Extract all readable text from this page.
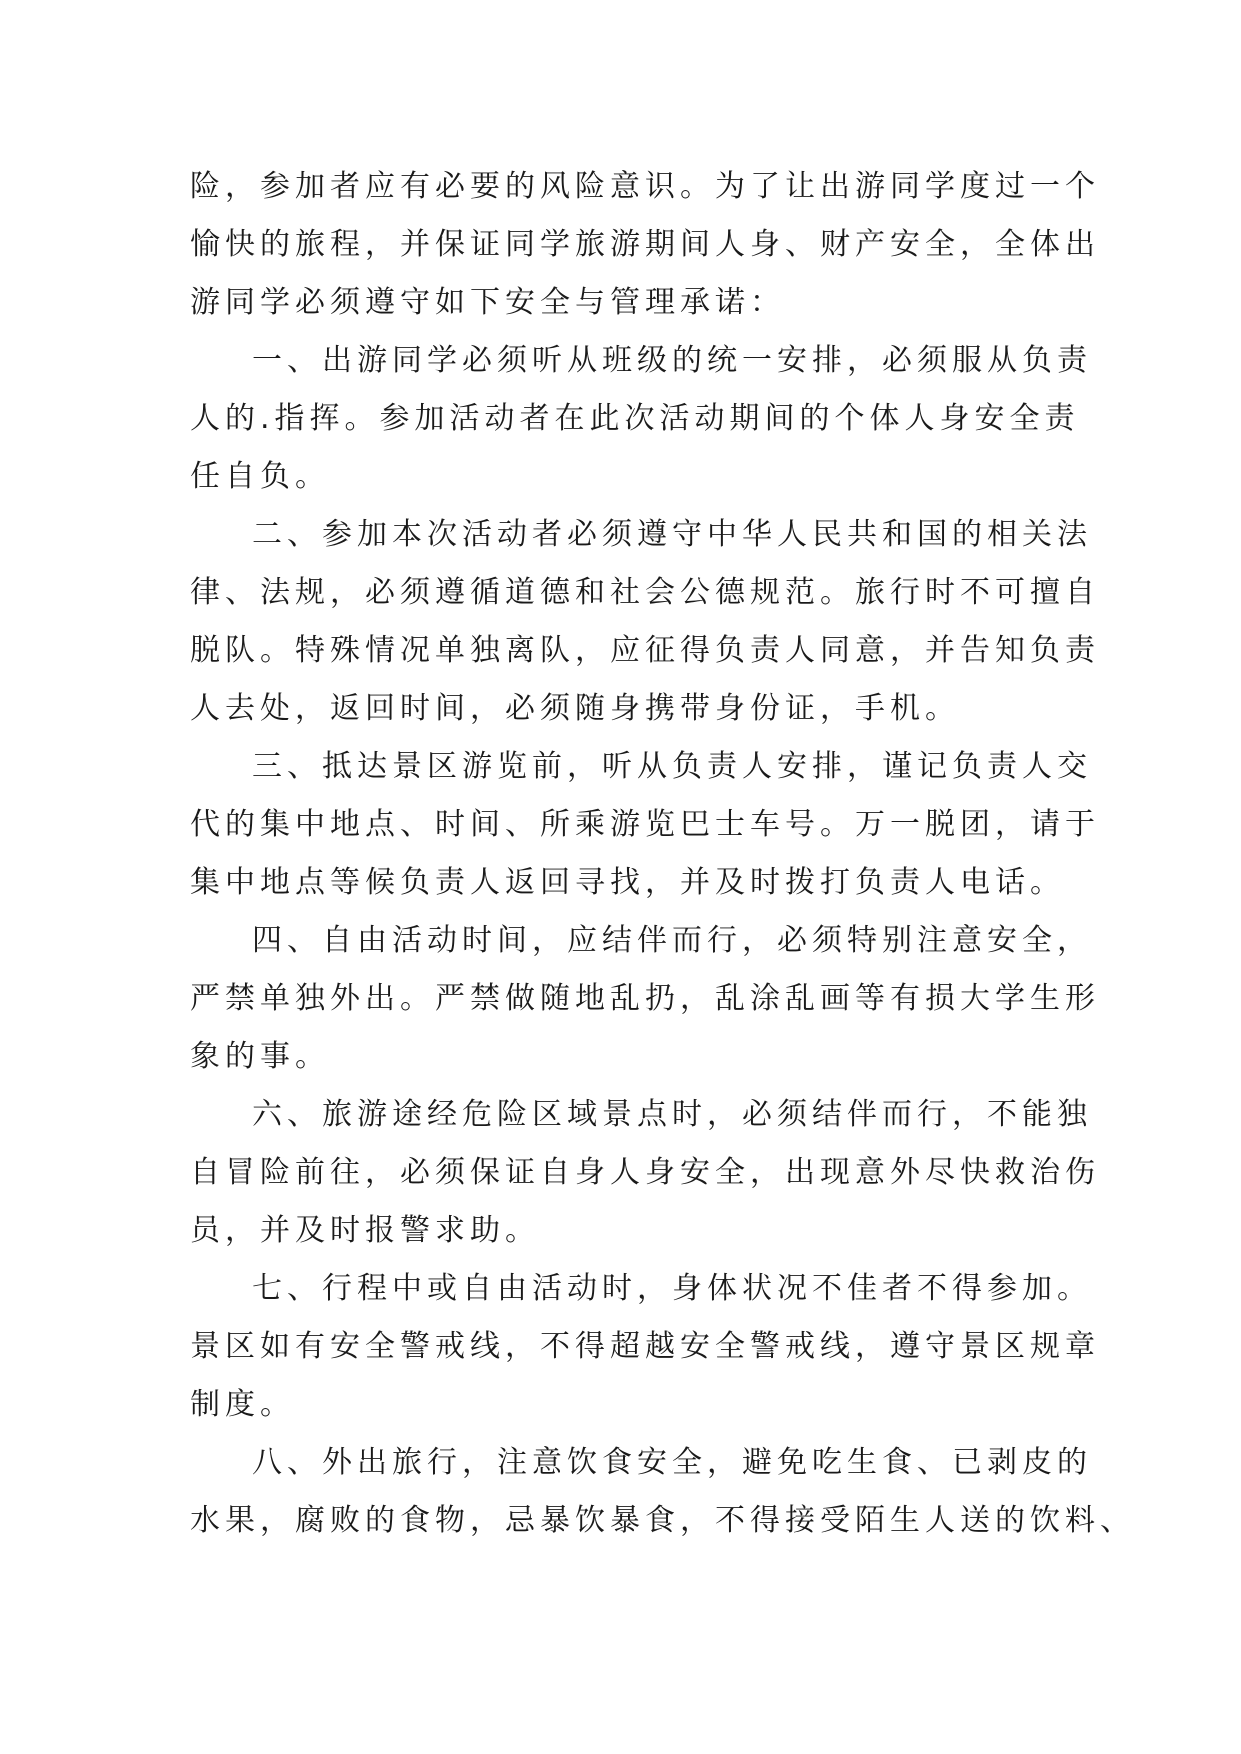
险，参加者应有必要的风险意识。为了让出游同学度过一个
愉快的旅程，并保证同学旅游期间人身、财产安全，全体出
游同学必须遵守如下安全与管理承诺：
一、出游同学必须听从班级的统一安排，必须服从负责
人的.指挥。参加活动者在此次活动期间的个体人身安全责
任自负。
二、参加本次活动者必须遵守中华人民共和国的相关法
律、法规，必须遵循道德和社会公德规范。旅行时不可擅自
脱队。特殊情况单独离队，应征得负责人同意，并告知负责
人去处，返回时间，必须随身携带身份证，手机。
三、抵达景区游览前，听从负责人安排，谨记负责人交
代的集中地点、时间、所乘游览巴士车号。万一脱团，请于
集中地点等候负责人返回寻找，并及时拨打负责人电话。
四、自由活动时间，应结伴而行，必须特别注意安全，
严禁单独外出。严禁做随地乱扔，乱涂乱画等有损大学生形
象的事。
六、旅游途经危险区域景点时，必须结伴而行，不能独
自冒险前往，必须保证自身人身安全，出现意外尽快救治伤
员，并及时报警求助。
七、行程中或自由活动时，身体状况不佳者不得参加。
景区如有安全警戒线，不得超越安全警戒线，遵守景区规章
制度。
八、外出旅行，注意饮食安全，避免吃生食、已剥皮的
水果，腐败的食物，忌暴饮暴食，不得接受陌生人送的饮料、
